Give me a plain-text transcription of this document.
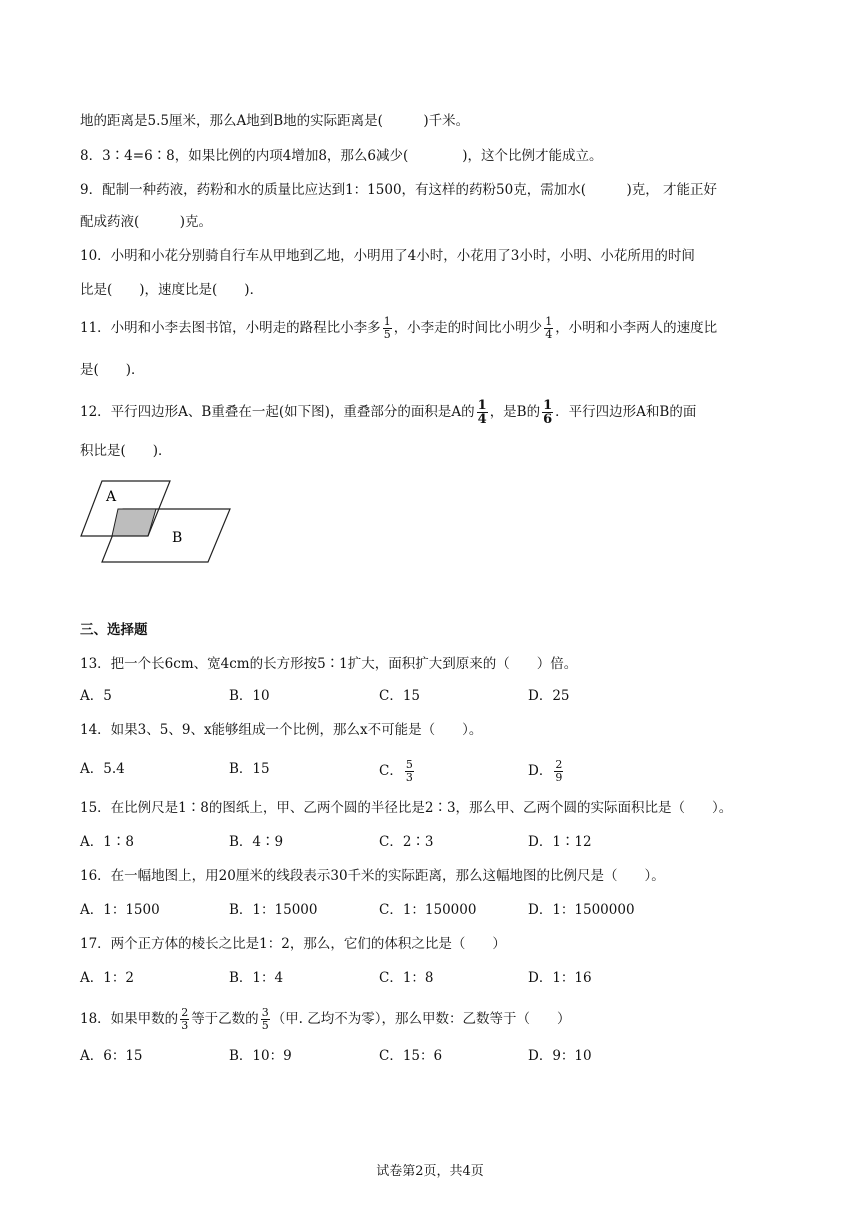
地的距离是5.5厘米，那么A地到B地的实际距离是(　　　)千米。
8．3∶4=6∶8，如果比例的内项4增加8，那么6减少(　　　　)，这个比例才能成立。
9．配制一种药液，药粉和水的质量比应达到1：1500，有这样的药粉50克，需加水(　　　)克， 才能正好
配成药液(　　　)克。
10．小明和小花分别骑自行车从甲地到乙地，小明用了4小时，小花用了3小时，小明、小花所用的时间
比是(　　)，速度比是(　　)．
11．小明和小李去图书馆，小明走的路程比小李多 $\frac{1}{5}$ ，小李走的时间比小明少 $\frac{1}{4}$ ，小明和小李两人的速度比
是(　　)．
12．平行四边形A、B重叠在一起(如下图)，重叠部分的面积是A的 $\frac{1}{4}$ ，是B的 $\frac{1}{6}$ ．平行四边形A和B的面
积比是(　　)．
A
B
三、选择题
13．把一个长6cm、宽4cm的长方形按5∶1扩大，面积扩大到原来的（　　）倍。
A．5	B．10	C．15	D．25
14．如果3、5、9、x能够组成一个比例，那么x不可能是（　　）。
A．5.4	B．15	C． $\frac{5}{3}$	D． $\frac{2}{9}$
15．在比例尺是1∶8的图纸上，甲、乙两个圆的半径比是2∶3，那么甲、乙两个圆的实际面积比是（　　）。
A．1∶8	B．4∶9	C．2∶3	D．1∶12
16．在一幅地图上，用20厘米的线段表示30千米的实际距离，那么这幅地图的比例尺是（　　）。
A．1：1500	B．1：15000	C．1：150000	D．1：1500000
17．两个正方体的棱长之比是1：2，那么，它们的体积之比是（　　）
A．1：2	B．1：4	C．1：8	D．1：16
18．如果甲数的 $\frac{2}{3}$ 等于乙数的 $\frac{3}{5}$ （甲. 乙均不为零），那么甲数：乙数等于（　　）
A．6：15	B．10：9	C．15：6	D．9：10
试卷第2页，共4页
